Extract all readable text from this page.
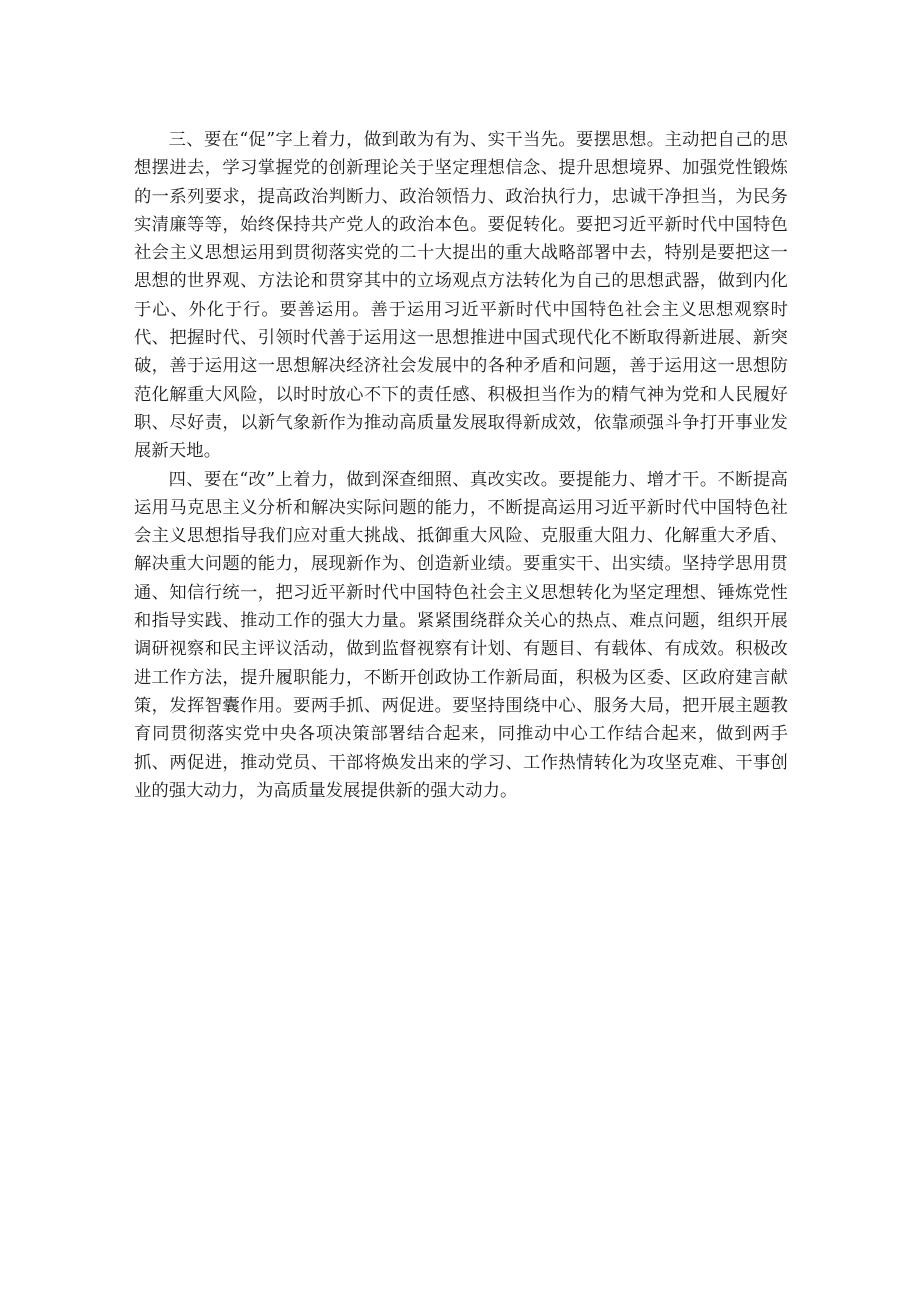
三、要在“促”字上着力，做到敢为有为、实干当先。要摆思想。主动把自己的思想摆进去，学习掌握党的创新理论关于坚定理想信念、提升思想境界、加强党性锻炼的一系列要求，提高政治判断力、政治领悟力、政治执行力，忠诚干净担当，为民务实清廉等等，始终保持共产党人的政治本色。要促转化。要把习近平新时代中国特色社会主义思想运用到贯彻落实党的二十大提出的重大战略部署中去，特别是要把这一思想的世界观、方法论和贯穿其中的立场观点方法转化为自己的思想武器，做到内化于心、外化于行。要善运用。善于运用习近平新时代中国特色社会主义思想观察时代、把握时代、引领时代善于运用这一思想推进中国式现代化不断取得新进展、新突破，善于运用这一思想解决经济社会发展中的各种矛盾和问题，善于运用这一思想防范化解重大风险，以时时放心不下的责任感、积极担当作为的精气神为党和人民履好职、尽好责，以新气象新作为推动高质量发展取得新成效，依靠顽强斗争打开事业发展新天地。

四、要在“改”上着力，做到深查细照、真改实改。要提能力、增才干。不断提高运用马克思主义分析和解决实际问题的能力，不断提高运用习近平新时代中国特色社会主义思想指导我们应对重大挑战、抵御重大风险、克服重大阻力、化解重大矛盾、解决重大问题的能力，展现新作为、创造新业绩。要重实干、出实绩。坚持学思用贯通、知信行统一，把习近平新时代中国特色社会主义思想转化为坚定理想、锤炼党性和指导实践、推动工作的强大力量。紧紧围绕群众关心的热点、难点问题，组织开展调研视察和民主评议活动，做到监督视察有计划、有题目、有载体、有成效。积极改进工作方法，提升履职能力，不断开创政协工作新局面，积极为区委、区政府建言献策，发挥智囊作用。要两手抓、两促进。要坚持围绕中心、服务大局，把开展主题教育同贯彻落实党中央各项决策部署结合起来，同推动中心工作结合起来，做到两手抓、两促进，推动党员、干部将焕发出来的学习、工作热情转化为攻坚克难、干事创业的强大动力，为高质量发展提供新的强大动力。
